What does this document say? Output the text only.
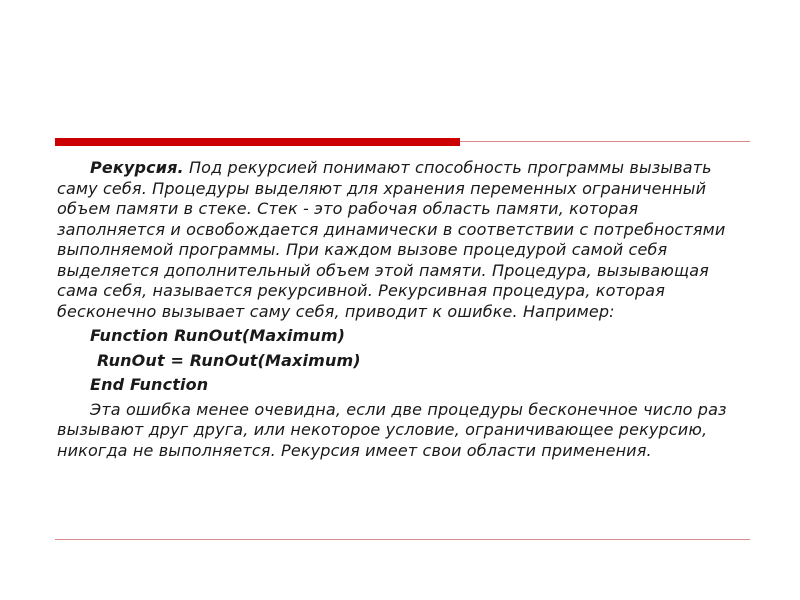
Рекурсия. Под рекурсией понимают способность программы вызывать саму себя. Процедуры выделяют для хранения переменных ограниченный объем памяти в стеке. Стек - это рабочая область памяти, которая заполняется и освобождается динамически в соответствии с потребностями выполняемой программы. При каждом вызове процедурой самой себя выделяется дополнительный объем этой памяти. Процедура, вызывающая сама себя, называется рекурсивной. Рекурсивная процедура, которая бесконечно вызывает саму себя, приводит к ошибке. Например:

Function RunOut(Maximum)
RunOut = RunOut(Maximum)
End Function

Эта ошибка менее очевидна, если две процедуры бесконечное число раз вызывают друг друга, или некоторое условие, ограничивающее рекурсию, никогда не выполняется. Рекурсия имеет свои области применения.
